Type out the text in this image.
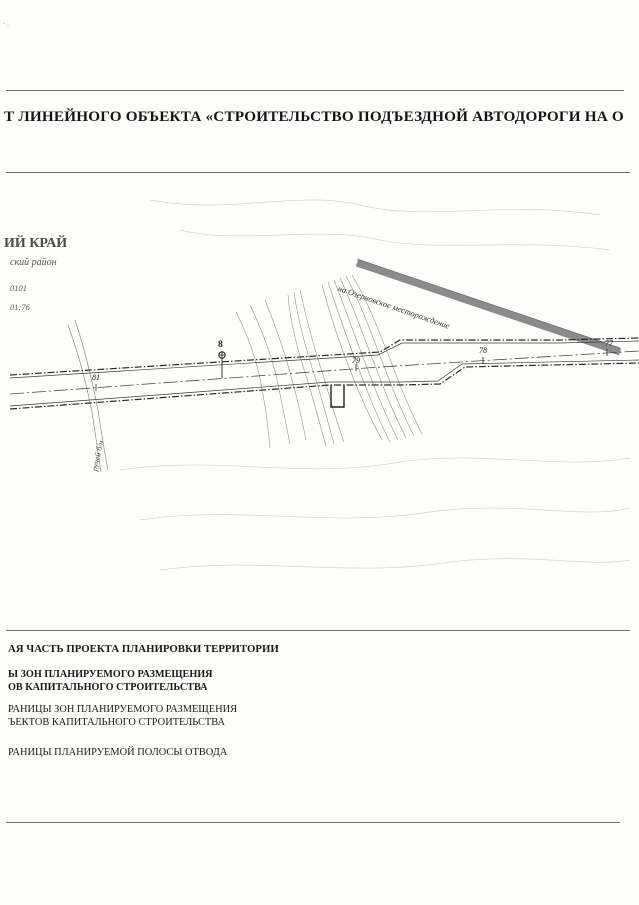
· .
Т ЛИНЕЙНОГО ОБЪЕКТА «СТРОИТЕЛЬСТВО ПОДЪЕЗДНОЙ АВТОДОРОГИ НА О
ИЙ КРАЙ
ский район
0101
01:76	на Озерновское месторождение
ручей б/н
8
81
79
78
77
АЯ ЧАСТЬ ПРОЕКТА ПЛАНИРОВКИ ТЕРРИТОРИИ
Ы ЗОН ПЛАНИРУЕМОГО РАЗМЕЩЕНИЯ
ОВ КАПИТАЛЬНОГО СТРОИТЕЛЬСТВА
РАНИЦЫ ЗОН ПЛАНИРУЕМОГО РАЗМЕЩЕНИЯ
ЪЕКТОВ КАПИТАЛЬНОГО СТРОИТЕЛЬСТВА
РАНИЦЫ ПЛАНИРУЕМОЙ ПОЛОСЫ ОТВОДА
